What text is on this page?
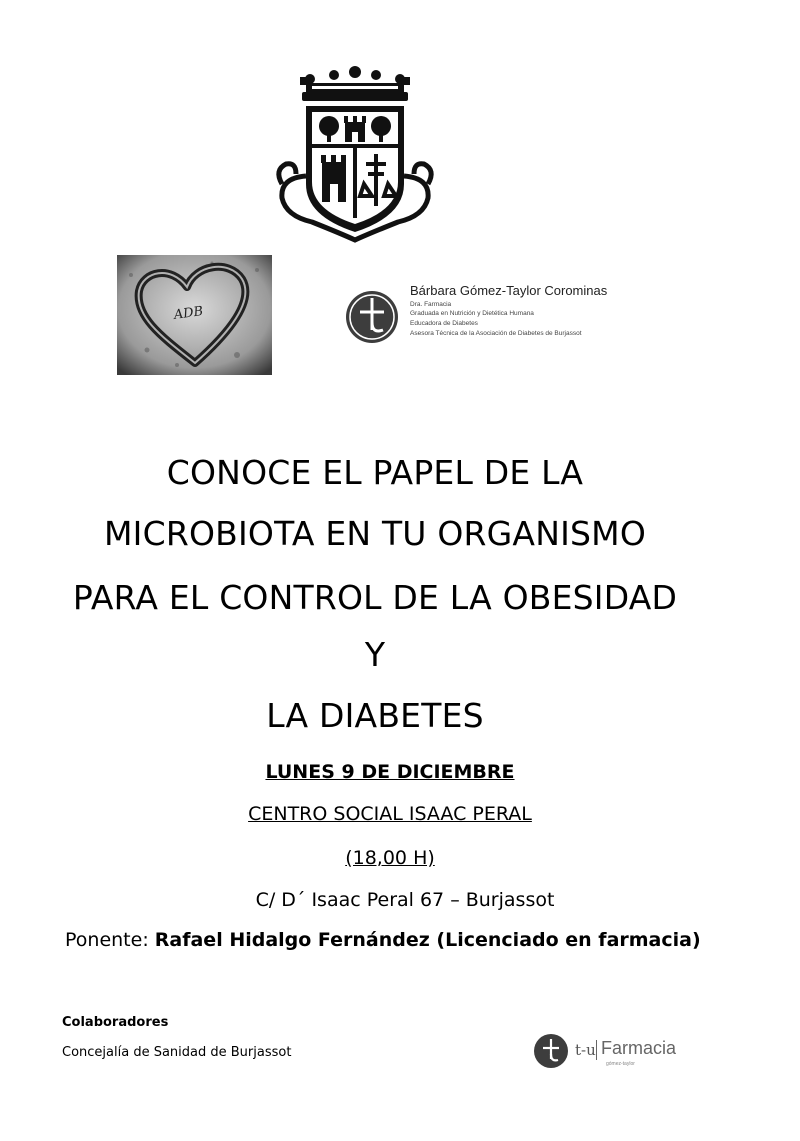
ADB
Bárbara Gómez-Taylor Corominas
Dra. Farmacia
Graduada en Nutrición y Dietética Humana
Educadora de Diabetes
Asesora Técnica de la Asociación de Diabetes de Burjassot
CONOCE EL PAPEL DE LA
MICROBIOTA EN TU ORGANISMO
PARA EL CONTROL DE LA OBESIDAD
Y
LA DIABETES
LUNES 9 DE DICIEMBRE
CENTRO SOCIAL ISAAC PERAL
(18,00 H)
C/ D´ Isaac Peral 67 – Burjassot
Ponente: Rafael Hidalgo Fernández (Licenciado en farmacia)
Colaboradores
Concejalía de Sanidad de Burjassot	t-u Farmacia
gómez-taylor
